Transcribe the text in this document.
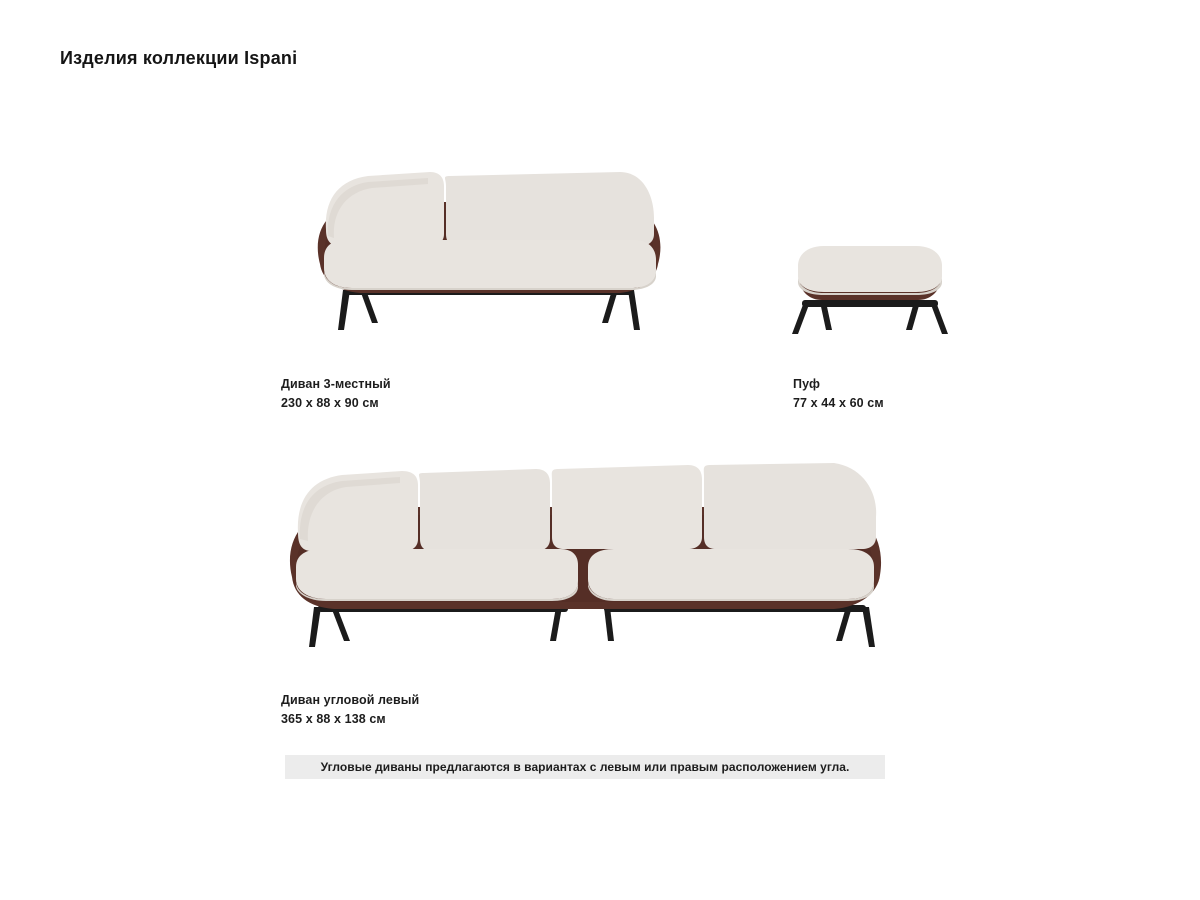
Изделия коллекции Ispani
Диван 3-местный
230 x 88 x 90 см
Пуф
77 x 44 x 60 см
Диван угловой левый
365 x 88 x 138 см
Угловые диваны предлагаются в вариантах с левым или правым расположением угла.
